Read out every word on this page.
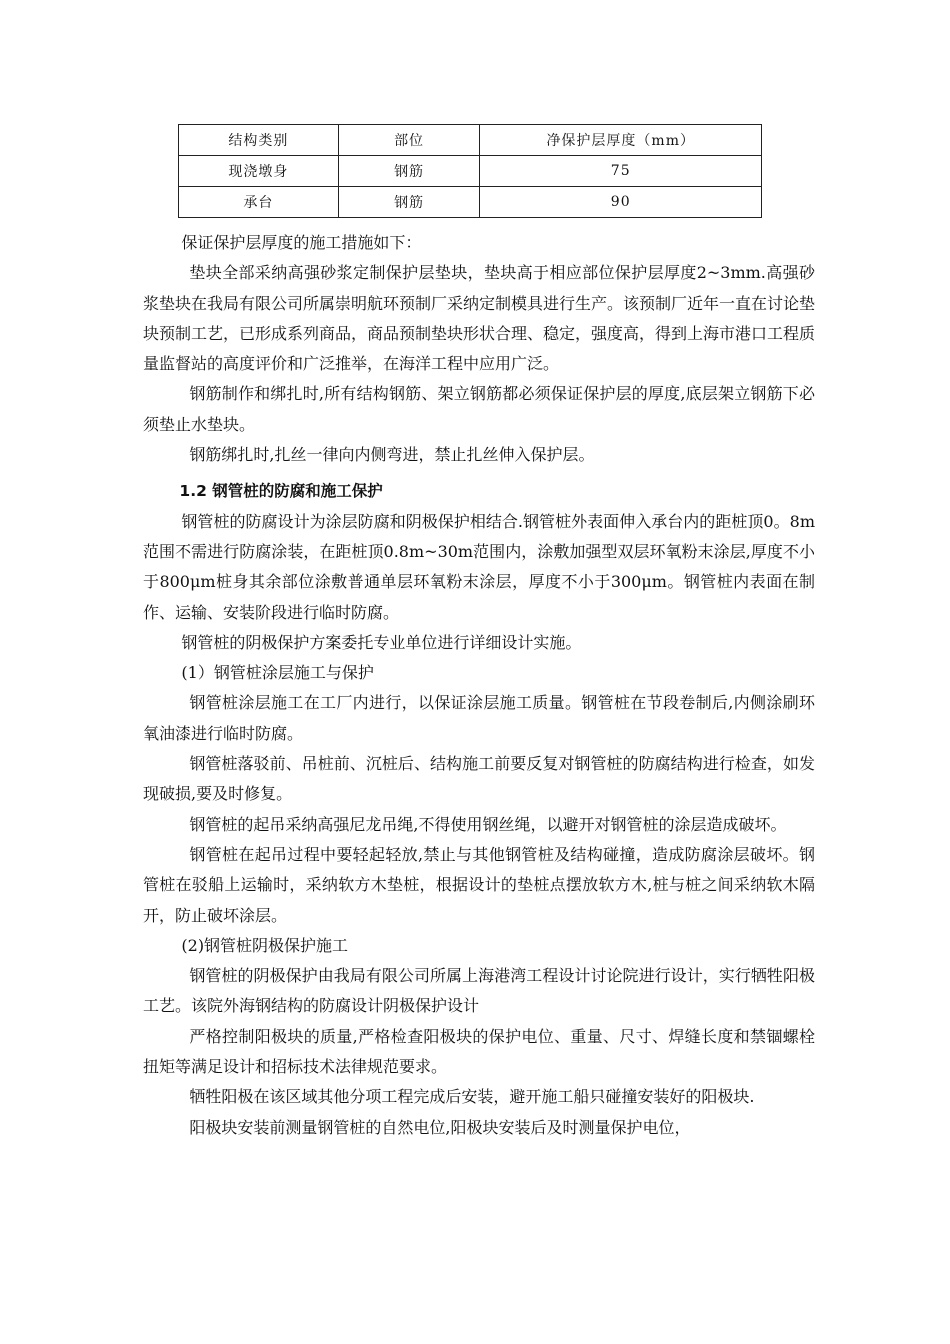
结构类别	部位	净保护层厚度（mm）
现浇墩身	钢筋	75
承台	钢筋	90

保证保护层厚度的施工措施如下：

垫块全部采纳高强砂浆定制保护层垫块，垫块高于相应部位保护层厚度2~3mm.高强砂浆垫块在我局有限公司所属崇明航环预制厂采纳定制模具进行生产。该预制厂近年一直在讨论垫块预制工艺，已形成系列商品，商品预制垫块形状合理、稳定，强度高，得到上海市港口工程质量监督站的高度评价和广泛推举，在海洋工程中应用广泛。

钢筋制作和绑扎时,所有结构钢筋、架立钢筋都必须保证保护层的厚度,底层架立钢筋下必须垫止水垫块。

钢筋绑扎时,扎丝一律向内侧弯进，禁止扎丝伸入保护层。

1.2 钢管桩的防腐和施工保护

钢管桩的防腐设计为涂层防腐和阴极保护相结合.钢管桩外表面伸入承台内的距桩顶0。8m范围不需进行防腐涂装，在距桩顶0.8m~30m范围内，涂敷加强型双层环氧粉末涂层,厚度不小于800μm桩身其余部位涂敷普通单层环氧粉末涂层，厚度不小于300μm。钢管桩内表面在制作、运输、安装阶段进行临时防腐。

钢管桩的阴极保护方案委托专业单位进行详细设计实施。

(1）钢管桩涂层施工与保护

钢管桩涂层施工在工厂内进行，以保证涂层施工质量。钢管桩在节段卷制后,内侧涂刷环氧油漆进行临时防腐。

钢管桩落驳前、吊桩前、沉桩后、结构施工前要反复对钢管桩的防腐结构进行检查，如发现破损,要及时修复。

钢管桩的起吊采纳高强尼龙吊绳,不得使用钢丝绳，以避开对钢管桩的涂层造成破坏。

钢管桩在起吊过程中要轻起轻放,禁止与其他钢管桩及结构碰撞，造成防腐涂层破坏。钢管桩在驳船上运输时，采纳软方木垫桩，根据设计的垫桩点摆放软方木,桩与桩之间采纳软木隔开，防止破坏涂层。

(2)钢管桩阴极保护施工

钢管桩的阴极保护由我局有限公司所属上海港湾工程设计讨论院进行设计，实行牺牲阳极工艺。该院外海钢结构的防腐设计阴极保护设计

严格控制阳极块的质量,严格检查阳极块的保护电位、重量、尺寸、焊缝长度和禁锢螺栓扭矩等满足设计和招标技术法律规范要求。

牺牲阳极在该区域其他分项工程完成后安装，避开施工船只碰撞安装好的阳极块.

阳极块安装前测量钢管桩的自然电位,阳极块安装后及时测量保护电位，
